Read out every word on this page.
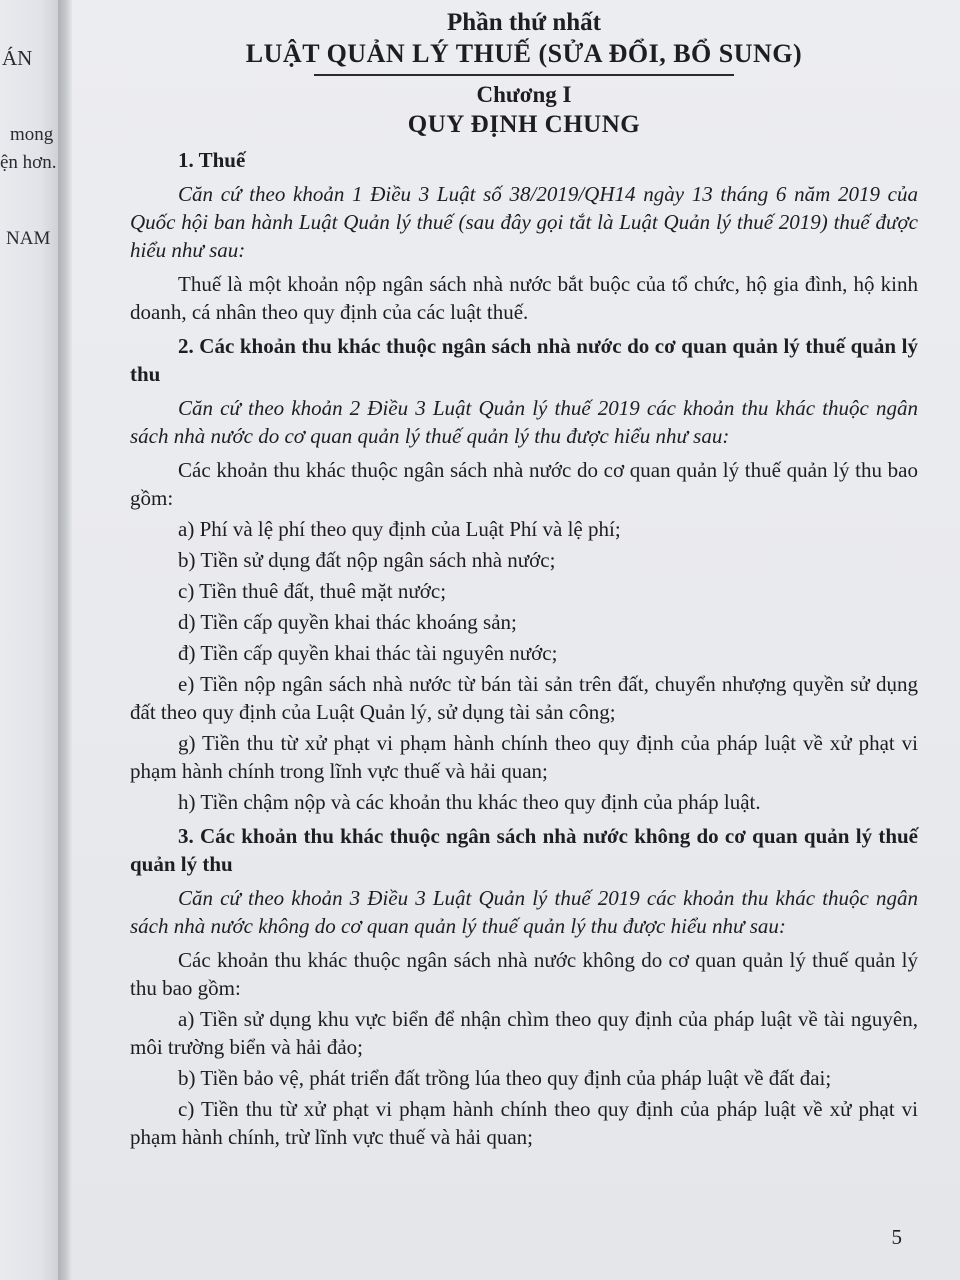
ÁN
mong
ện hơn.
NAM
Phần thứ nhất
LUẬT QUẢN LÝ THUẾ (SỬA ĐỔI, BỔ SUNG)
Chương I
QUY ĐỊNH CHUNG

1. Thuế

Căn cứ theo khoản 1 Điều 3 Luật số 38/2019/QH14 ngày 13 tháng 6 năm 2019 của Quốc hội ban hành Luật Quản lý thuế (sau đây gọi tắt là Luật Quản lý thuế 2019) thuế được hiểu như sau:

Thuế là một khoản nộp ngân sách nhà nước bắt buộc của tổ chức, hộ gia đình, hộ kinh doanh, cá nhân theo quy định của các luật thuế.

2. Các khoản thu khác thuộc ngân sách nhà nước do cơ quan quản lý thuế quản lý thu

Căn cứ theo khoản 2 Điều 3 Luật Quản lý thuế 2019 các khoản thu khác thuộc ngân sách nhà nước do cơ quan quản lý thuế quản lý thu được hiểu như sau:

Các khoản thu khác thuộc ngân sách nhà nước do cơ quan quản lý thuế quản lý thu bao gồm:

a) Phí và lệ phí theo quy định của Luật Phí và lệ phí;

b) Tiền sử dụng đất nộp ngân sách nhà nước;

c) Tiền thuê đất, thuê mặt nước;

d) Tiền cấp quyền khai thác khoáng sản;

đ) Tiền cấp quyền khai thác tài nguyên nước;

e) Tiền nộp ngân sách nhà nước từ bán tài sản trên đất, chuyển nhượng quyền sử dụng đất theo quy định của Luật Quản lý, sử dụng tài sản công;

g) Tiền thu từ xử phạt vi phạm hành chính theo quy định của pháp luật về xử phạt vi phạm hành chính trong lĩnh vực thuế và hải quan;

h) Tiền chậm nộp và các khoản thu khác theo quy định của pháp luật.

3. Các khoản thu khác thuộc ngân sách nhà nước không do cơ quan quản lý thuế quản lý thu

Căn cứ theo khoản 3 Điều 3 Luật Quản lý thuế 2019 các khoản thu khác thuộc ngân sách nhà nước không do cơ quan quản lý thuế quản lý thu được hiểu như sau:

Các khoản thu khác thuộc ngân sách nhà nước không do cơ quan quản lý thuế quản lý thu bao gồm:

a) Tiền sử dụng khu vực biển để nhận chìm theo quy định của pháp luật về tài nguyên, môi trường biển và hải đảo;

b) Tiền bảo vệ, phát triển đất trồng lúa theo quy định của pháp luật về đất đai;

c) Tiền thu từ xử phạt vi phạm hành chính theo quy định của pháp luật về xử phạt vi phạm hành chính, trừ lĩnh vực thuế và hải quan;

5
